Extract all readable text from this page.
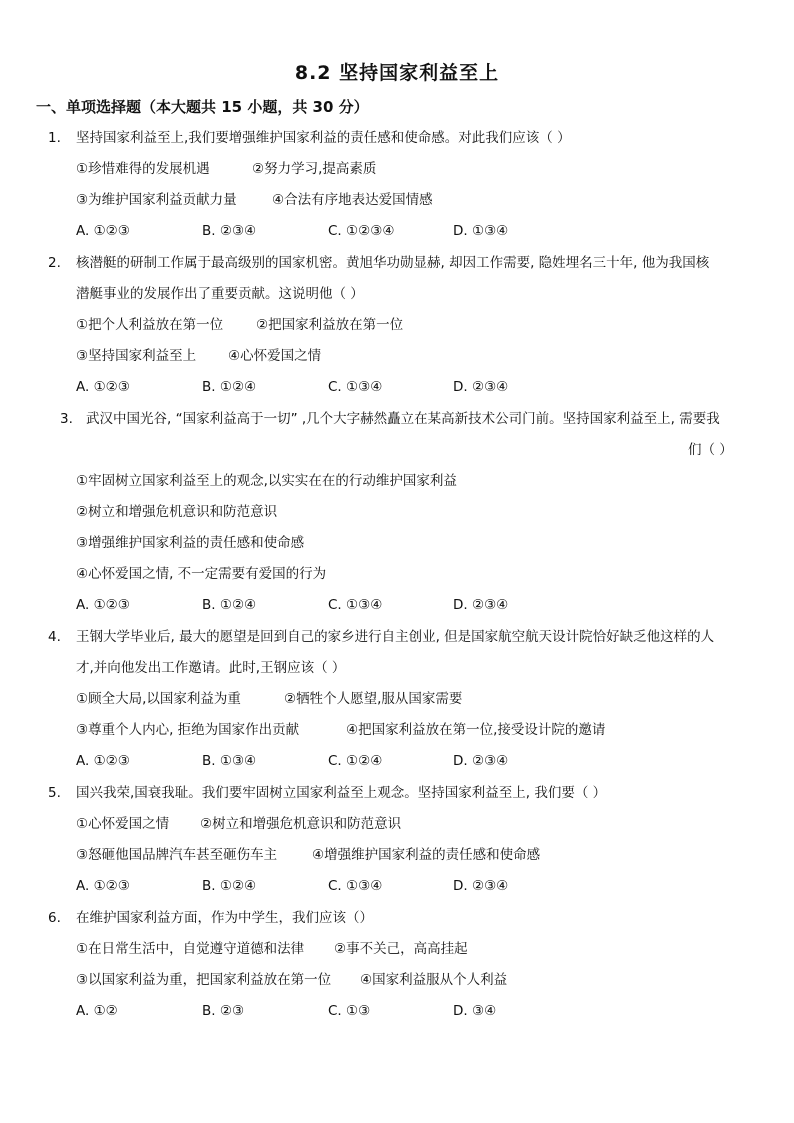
8.2 坚持国家利益至上
一、单项选择题（本大题共 15 小题，共 30 分）
1. 坚持国家利益至上,我们要增强维护国家利益的责任感和使命感。对此我们应该（ ）
①珍惜难得的发展机遇	②努力学习,提高素质
③为维护国家利益贡献力量	④合法有序地表达爱国情感
A. ①②③	B. ②③④	C. ①②③④	D. ①③④
2. 核潜艇的研制工作属于最高级别的国家机密。黄旭华功勋显赫, 却因工作需要, 隐姓埋名三十年, 他为我国核
潜艇事业的发展作出了重要贡献。这说明他（ ）
①把个人利益放在第一位 ②把国家利益放在第一位
③坚持国家利益至上 ④心怀爱国之情
A. ①②③	B. ①②④	C. ①③④	D. ②③④
3. 武汉中国光谷, “国家利益高于一切” ,几个大字赫然矗立在某高新技术公司门前。坚持国家利益至上, 需要我
们（ ）
①牢固树立国家利益至上的观念,以实实在在的行动维护国家利益
②树立和增强危机意识和防范意识
③增强维护国家利益的责任感和使命感
④心怀爱国之情, 不一定需要有爱国的行为
A. ①②③	B. ①②④	C. ①③④	D. ②③④
4. 王钢大学毕业后, 最大的愿望是回到自己的家乡进行自主创业, 但是国家航空航天设计院恰好缺乏他这样的人
才,并向他发出工作邀请。此时,王钢应该（ ）
①顾全大局,以国家利益为重	②牺牲个人愿望,服从国家需要
③尊重个人内心, 拒绝为国家作出贡献	④把国家利益放在第一位,接受设计院的邀请
A. ①②③	B. ①③④	C. ①②④	D. ②③④
5. 国兴我荣,国衰我耻。我们要牢固树立国家利益至上观念。坚持国家利益至上, 我们要（ ）
①心怀爱国之情 ②树立和增强危机意识和防范意识
③怒砸他国品牌汽车甚至砸伤车主	④增强维护国家利益的责任感和使命感
A. ①②③	B. ①②④	C. ①③④	D. ②③④
6. 在维护国家利益方面，作为中学生，我们应该（）
①在日常生活中，自觉遵守道德和法律 ②事不关己，高高挂起
③以国家利益为重，把国家利益放在第一位 ④国家利益服从个人利益
A. ①②	B. ②③	C. ①③	D. ③④
